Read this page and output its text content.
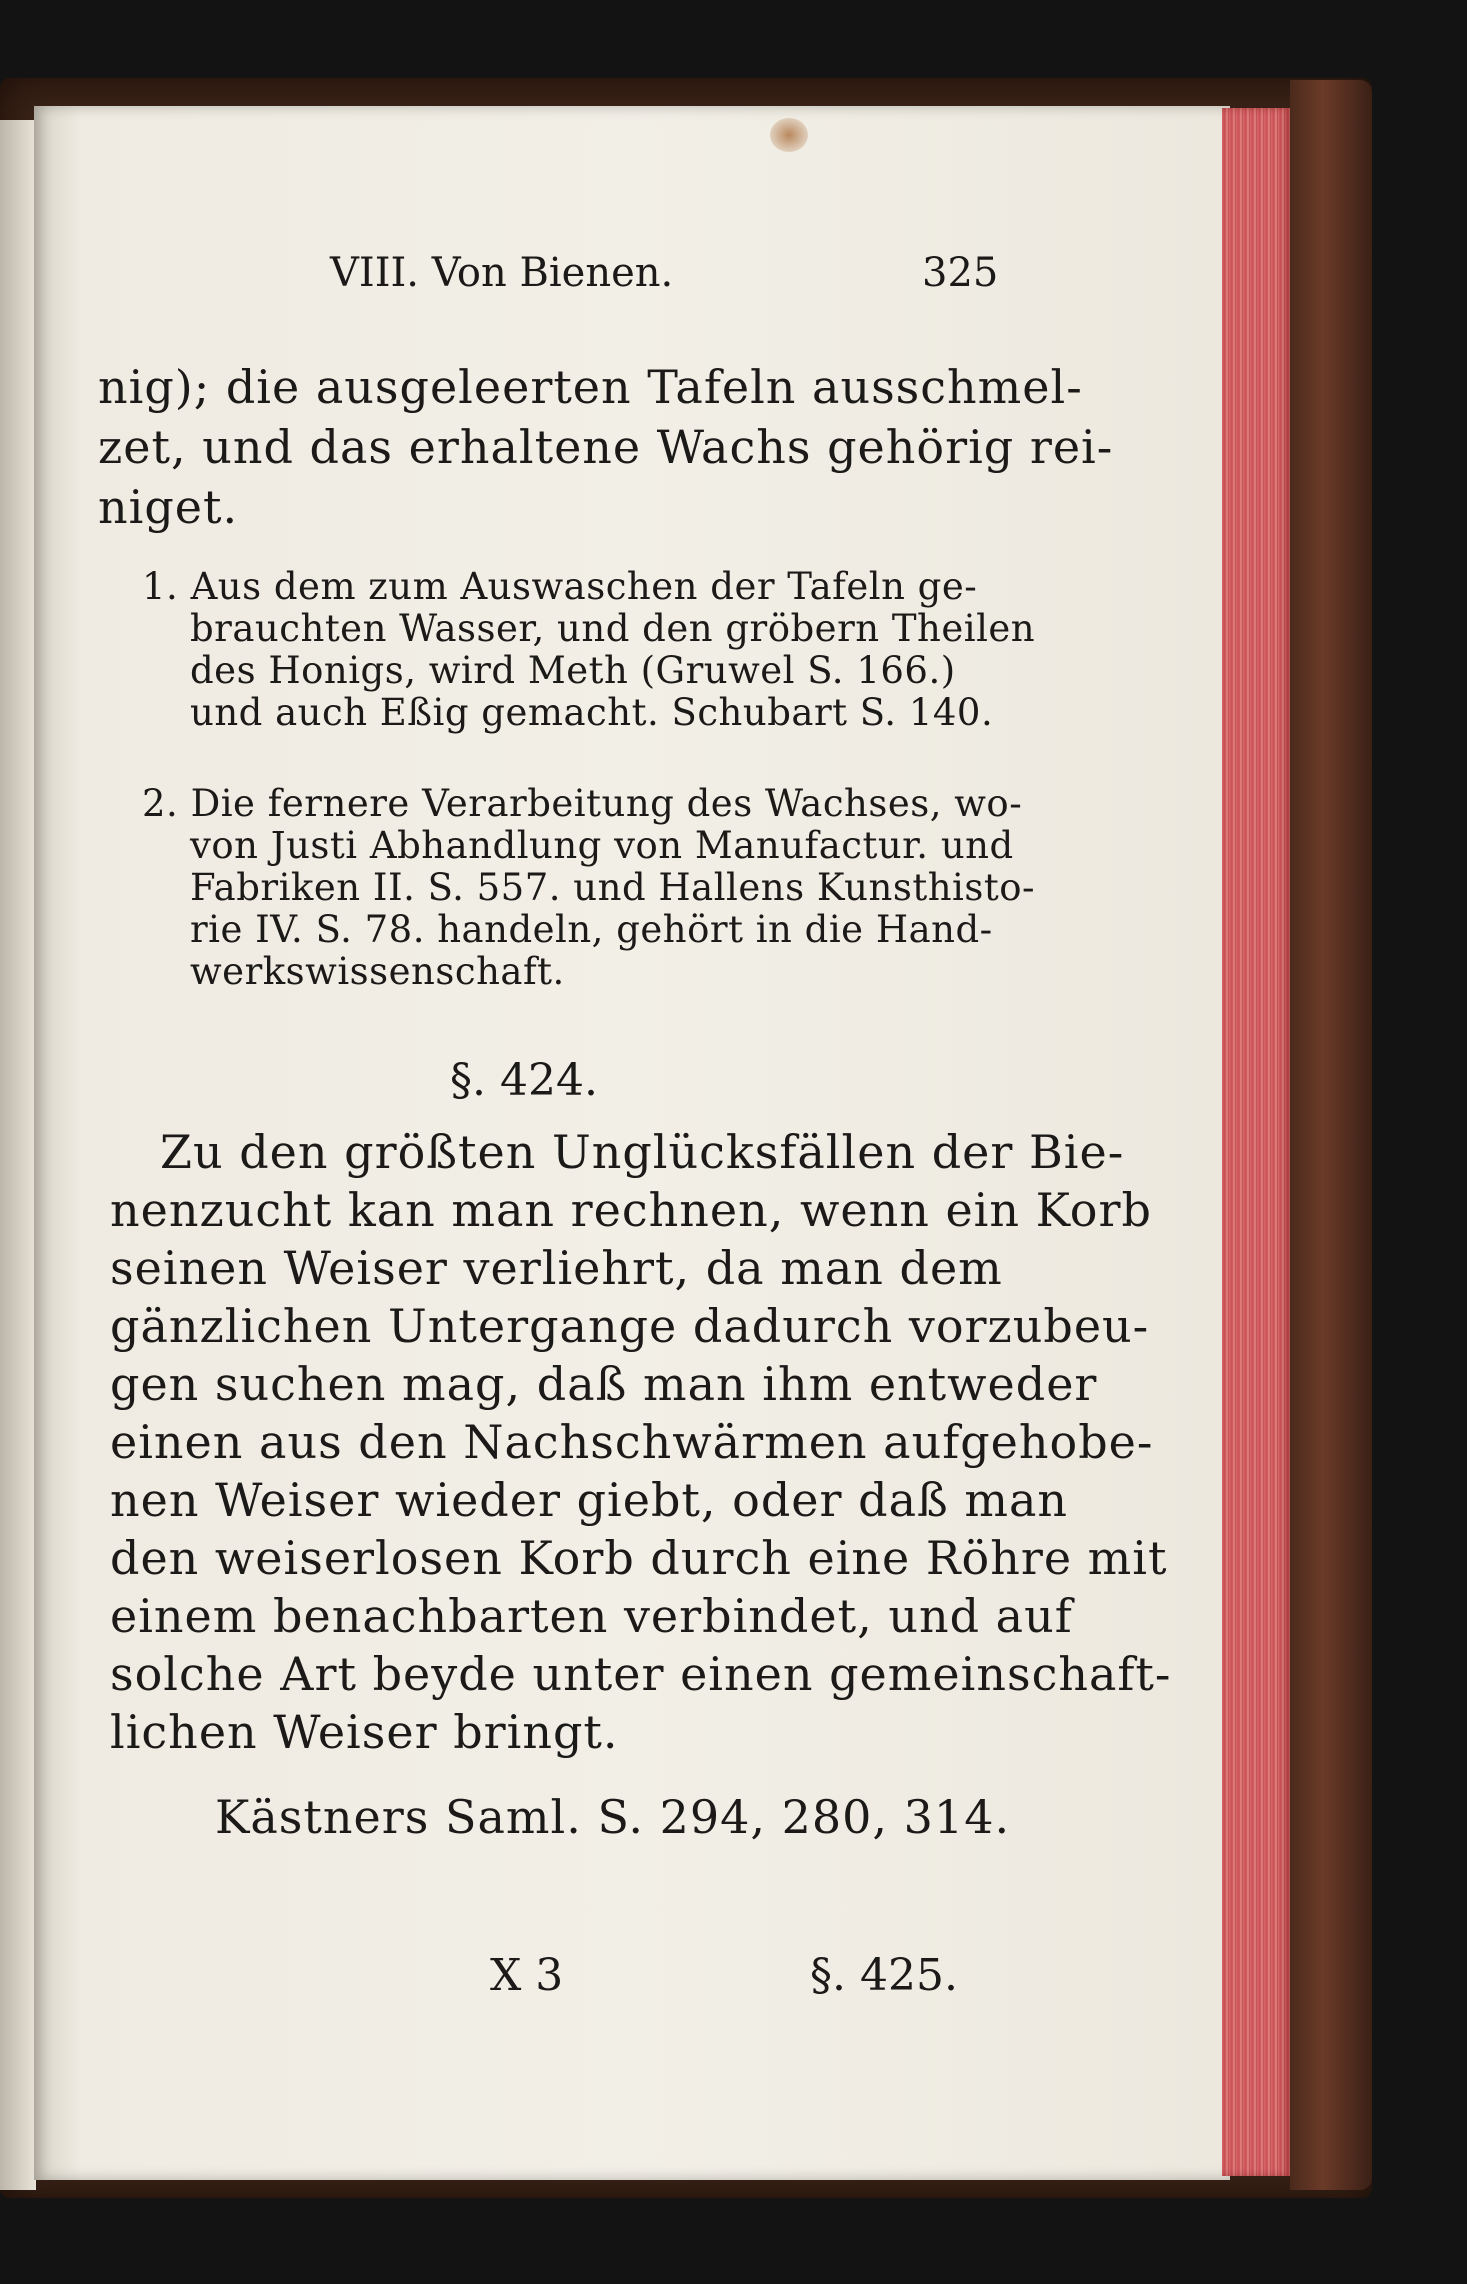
VIII. Von Bienen.	325
nig); die ausgeleerten Tafeln ausschmel-
zet, und das erhaltene Wachs gehörig rei-
niget.
1. Aus dem zum Auswaschen der Tafeln ge-
brauchten Wasser, und den gröbern Theilen
des Honigs, wird Meth (Gruwel S. 166.)
und auch Eßig gemacht. Schubart S. 140.
2. Die fernere Verarbeitung des Wachses, wo-
von Justi Abhandlung von Manufactur. und
Fabriken II. S. 557. und Hallens Kunsthisto-
rie IV. S. 78. handeln, gehört in die Hand-
werkswissenschaft.
§. 424.
Zu den größten Unglücksfällen der Bie-
nenzucht kan man rechnen, wenn ein Korb
seinen Weiser verliehrt, da man dem
gänzlichen Untergange dadurch vorzubeu-
gen suchen mag, daß man ihm entweder
einen aus den Nachschwärmen aufgehobe-
nen Weiser wieder giebt, oder daß man
den weiserlosen Korb durch eine Röhre mit
einem benachbarten verbindet, und auf
solche Art beyde unter einen gemeinschaft-
lichen Weiser bringt.
Kästners Saml. S. 294, 280, 314.
X 3	§. 425.
